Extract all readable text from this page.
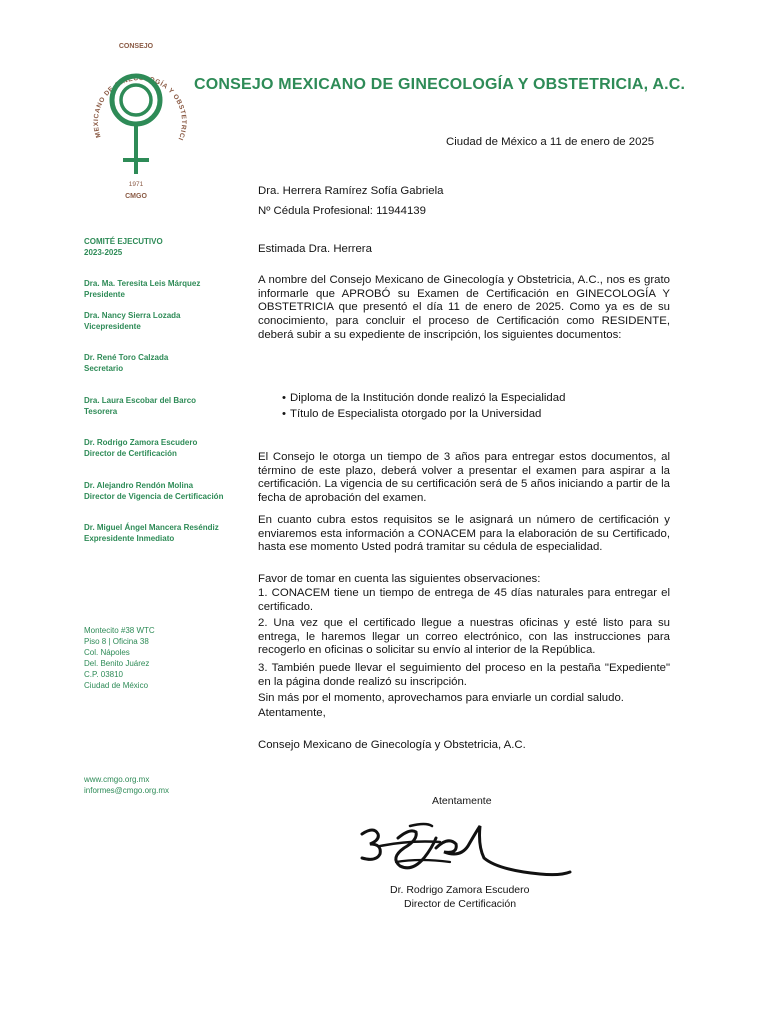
CONSEJO
MEXICANO DE GINECOLOGÍA Y OBSTETRICI
1971
CMGO
CONSEJO MEXICANO DE GINECOLOGÍA Y OBSTETRICIA, A.C.
COMITÉ EJECUTIVO
2023-2025
Dra. Ma. Teresita Leis Márquez
Presidente
Dra. Nancy Sierra Lozada
Vicepresidente
Dr. René Toro Calzada
Secretario
Dra. Laura Escobar del Barco
Tesorera
Dr. Rodrigo Zamora Escudero
Director de Certificación
Dr. Alejandro Rendón Molina
Director de Vigencia de Certificación
Dr. Miguel Ángel Mancera Reséndiz
Expresidente Inmediato
Montecito #38 WTC
Piso 8 | Oficina 38
Col. Nápoles
Del. Benito Juárez
C.P. 03810
Ciudad de México
www.cmgo.org.mx
informes@cmgo.org.mx
Ciudad de México a 11 de enero de 2025
Dra. Herrera Ramírez Sofía Gabriela
Nº Cédula Profesional: 11944139
Estimada Dra. Herrera
A nombre del Consejo Mexicano de Ginecología y Obstetricia, A.C., nos es grato informarle que APROBÓ su Examen de Certificación en GINECOLOGÍA Y OBSTETRICIA que presentó el día 11 de enero de 2025. Como ya es de su conocimiento, para concluir el proceso de Certificación como RESIDENTE, deberá subir a su expediente de inscripción, los siguientes documentos:
• Diploma de la Institución donde realizó la Especialidad
• Título de Especialista otorgado por la Universidad
El Consejo le otorga un tiempo de 3 años para entregar estos documentos, al término de este plazo, deberá volver a presentar el examen para aspirar a la certificación. La vigencia de su certificación será de 5 años iniciando a partir de la fecha de aprobación del examen.
En cuanto cubra estos requisitos se le asignará un número de certificación y enviaremos esta información a CONACEM para la elaboración de su Certificado, hasta ese momento Usted podrá tramitar su cédula de especialidad.
Favor de tomar en cuenta las siguientes observaciones:
1. CONACEM tiene un tiempo de entrega de 45 días naturales para entregar el certificado.
2. Una vez que el certificado llegue a nuestras oficinas y esté listo para su entrega, le haremos llegar un correo electrónico, con las instrucciones para recogerlo en oficinas o solicitar su envío al interior de la República.
3. También puede llevar el seguimiento del proceso en la pestaña "Expediente" en la página donde realizó su inscripción.
Sin más por el momento, aprovechamos para enviarle un cordial saludo.
Atentamente,
Consejo Mexicano de Ginecología y Obstetricia, A.C.
Atentamente
Dr. Rodrigo Zamora Escudero
Director de Certificación
